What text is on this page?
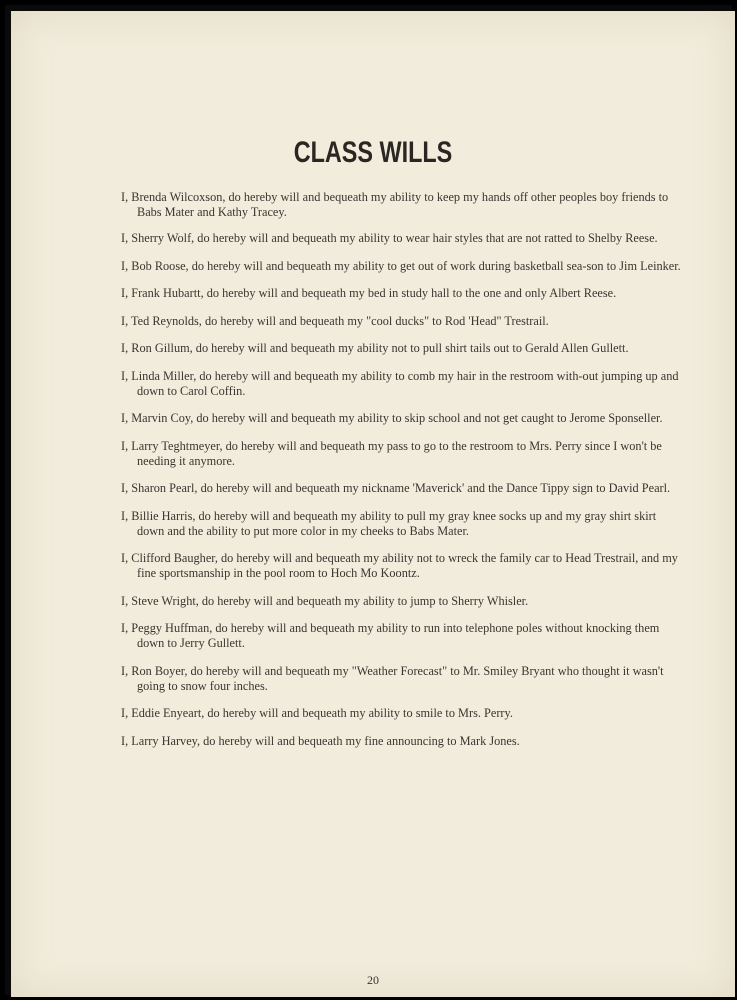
CLASS WILLS
I, Brenda Wilcoxson, do hereby will and bequeath my ability to keep my hands off other peoples boy friends to Babs Mater and Kathy Tracey.
I, Sherry Wolf, do hereby will and bequeath my ability to wear hair styles that are not ratted to Shelby Reese.
I, Bob Roose, do hereby will and bequeath my ability to get out of work during basketball sea-son to Jim Leinker.
I, Frank Hubartt, do hereby will and bequeath my bed in study hall to the one and only Albert Reese.
I, Ted Reynolds, do hereby will and bequeath my "cool ducks" to Rod 'Head" Trestrail.
I, Ron Gillum, do hereby will and bequeath my ability not to pull shirt tails out to Gerald Allen Gullett.
I, Linda Miller, do hereby will and bequeath my ability to comb my hair in the restroom with-out jumping up and down to Carol Coffin.
I, Marvin Coy, do hereby will and bequeath my ability to skip school and not get caught to Jerome Sponseller.
I, Larry Teghtmeyer, do hereby will and bequeath my pass to go to the restroom to Mrs. Perry since I won't be needing it anymore.
I, Sharon Pearl, do hereby will and bequeath my nickname 'Maverick' and the Dance Tippy sign to David Pearl.
I, Billie Harris, do hereby will and bequeath my ability to pull my gray knee socks up and my gray shirt skirt down and the ability to put more color in my cheeks to Babs Mater.
I, Clifford Baugher, do hereby will and bequeath my ability not to wreck the family car to Head Trestrail, and my fine sportsmanship in the pool room to Hoch Mo Koontz.
I, Steve Wright, do hereby will and bequeath my ability to jump to Sherry Whisler.
I, Peggy Huffman, do hereby will and bequeath my ability to run into telephone poles without knocking them down to Jerry Gullett.
I, Ron Boyer, do hereby will and bequeath my "Weather Forecast" to Mr. Smiley Bryant who thought it wasn't going to snow four inches.
I, Eddie Enyeart, do hereby will and bequeath my ability to smile to Mrs. Perry.
I, Larry Harvey, do hereby will and bequeath my fine announcing to Mark Jones.
20
